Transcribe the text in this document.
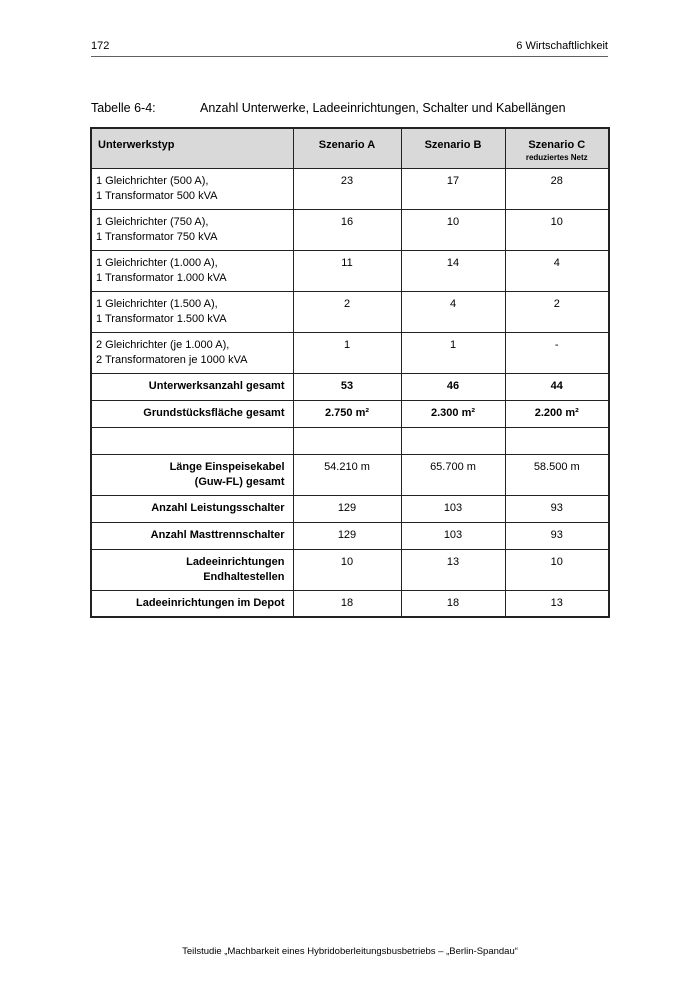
172	6 Wirtschaftlichkeit
Tabelle 6-4:	Anzahl Unterwerke, Ladeeinrichtungen, Schalter und Kabellängen
Unterwerkstyp	Szenario A	Szenario B	Szenario C
reduziertes Netz

1 Gleichrichter (500 A),
1 Transformator 500 kVA	23	17	28

1 Gleichrichter (750 A),
1 Transformator 750 kVA	16	10	10

1 Gleichrichter (1.000 A),
1 Transformator 1.000 kVA	11	14	4

1 Gleichrichter (1.500 A),
1 Transformator 1.500 kVA	2	4	2

2 Gleichrichter (je 1.000 A),
2 Transformatoren je 1000 kVA	1	1	-

Unterwerksanzahl gesamt	53	46	44

Grundstücksfläche gesamt	2.750 m²	2.300 m²	2.200 m²

Länge Einspeisekabel
(Guw-FL) gesamt	54.210 m	65.700 m	58.500 m

Anzahl Leistungsschalter	129	103	93

Anzahl Masttrennschalter	129	103	93

Ladeeinrichtungen
Endhaltestellen	10	13	10

Ladeeinrichtungen im Depot	18	18	13
Teilstudie „Machbarkeit eines Hybridoberleitungsbusbetriebs – „Berlin-Spandau“
